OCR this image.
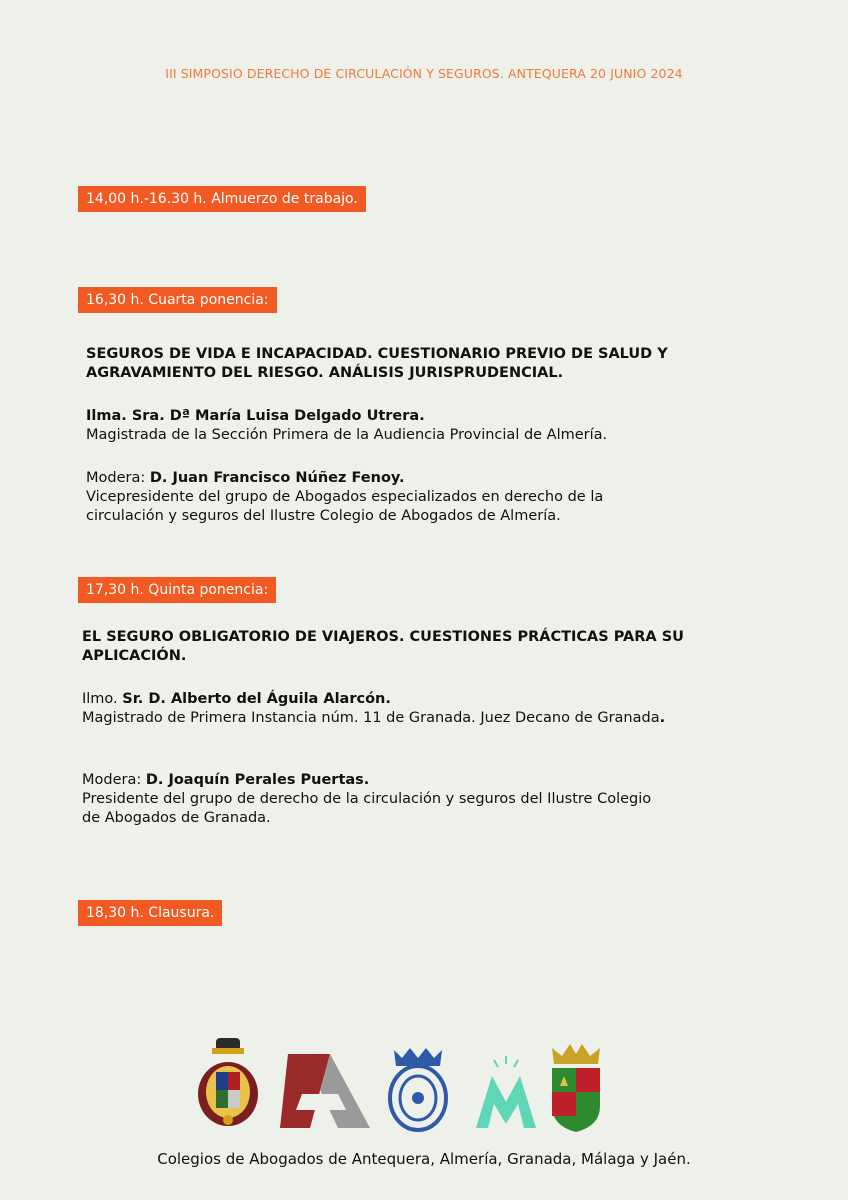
III SIMPOSIO DERECHO DE CIRCULACIÓN Y SEGUROS. ANTEQUERA 20 JUNIO 2024
14,00 h.-16.30 h. Almuerzo de trabajo.
16,30 h. Cuarta ponencia:

SEGUROS DE VIDA E INCAPACIDAD. CUESTIONARIO PREVIO DE SALUD Y

AGRAVAMIENTO DEL RIESGO. ANÁLISIS JURISPRUDENCIAL.

Ilma. Sra. Dª María Luisa Delgado Utrera.

Magistrada de la Sección Primera de la Audiencia Provincial de Almería.

Modera: D. Juan Francisco Núñez Fenoy.

Vicepresidente del grupo de Abogados especializados en derecho de la

circulación y seguros del Ilustre Colegio de Abogados de Almería.

17,30 h. Quinta ponencia:

EL SEGURO OBLIGATORIO DE VIAJEROS. CUESTIONES PRÁCTICAS PARA SU

APLICACIÓN.

Ilmo. Sr. D. Alberto del Águila Alarcón.

Magistrado de Primera Instancia núm. 11 de Granada. Juez Decano de Granada.

Modera: D. Joaquín Perales Puertas.

Presidente del grupo de derecho de la circulación y seguros del Ilustre Colegio

de Abogados de Granada.

18,30 h. Clausura.
Colegios de Abogados de Antequera, Almería, Granada, Málaga y Jaén.
